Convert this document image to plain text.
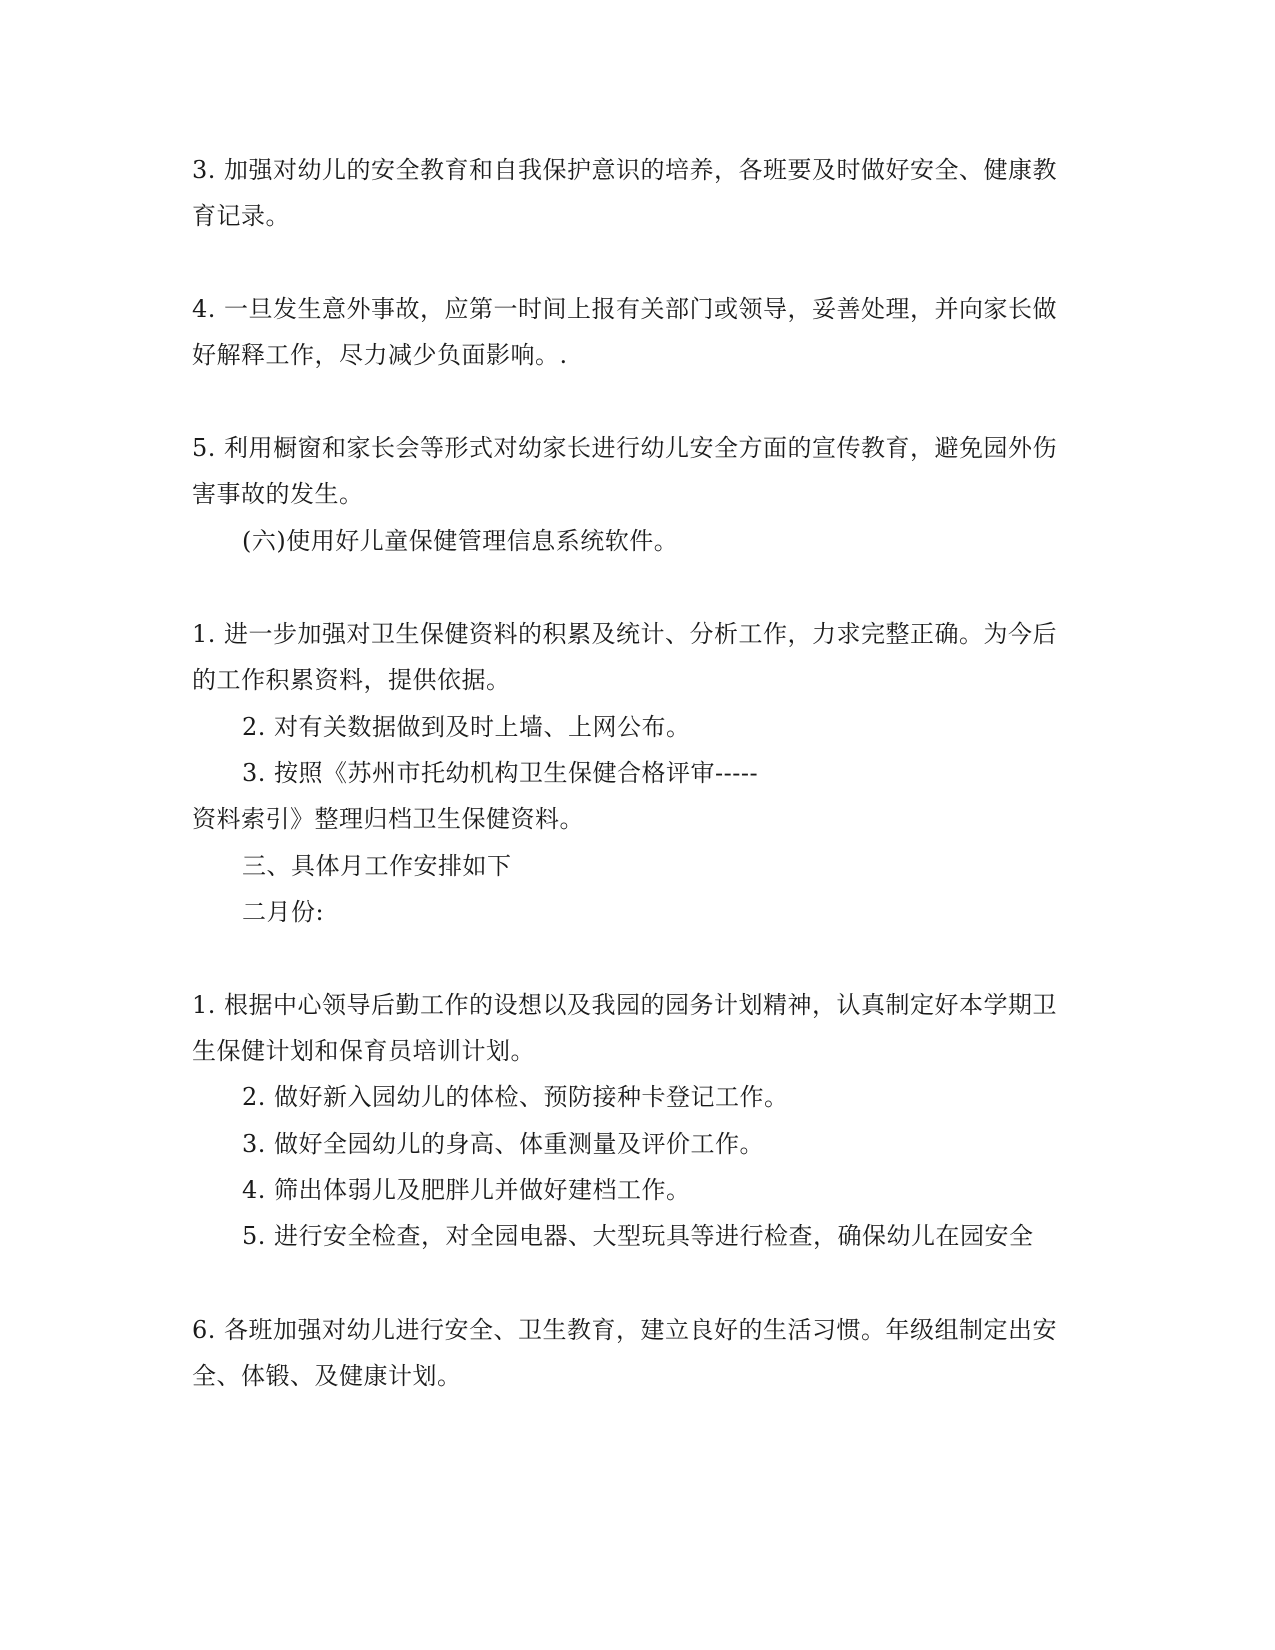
3. 加强对幼儿的安全教育和自我保护意识的培养，各班要及时做好安全、健康教
育记录。
4. 一旦发生意外事故，应第一时间上报有关部门或领导，妥善处理，并向家长做
好解释工作，尽力减少负面影响。.
5. 利用橱窗和家长会等形式对幼家长进行幼儿安全方面的宣传教育，避免园外伤
害事故的发生。
(六)使用好儿童保健管理信息系统软件。
1. 进一步加强对卫生保健资料的积累及统计、分析工作，力求完整正确。为今后
的工作积累资料，提供依据。
2. 对有关数据做到及时上墙、上网公布。
3. 按照《苏州市托幼机构卫生保健合格评审-----
资料索引》整理归档卫生保健资料。
三、具体月工作安排如下
二月份:
1. 根据中心领导后勤工作的设想以及我园的园务计划精神，认真制定好本学期卫
生保健计划和保育员培训计划。
2. 做好新入园幼儿的体检、预防接种卡登记工作。
3. 做好全园幼儿的身高、体重测量及评价工作。
4. 筛出体弱儿及肥胖儿并做好建档工作。
5. 进行安全检查，对全园电器、大型玩具等进行检查，确保幼儿在园安全
6. 各班加强对幼儿进行安全、卫生教育，建立良好的生活习惯。年级组制定出安
全、体锻、及健康计划。
